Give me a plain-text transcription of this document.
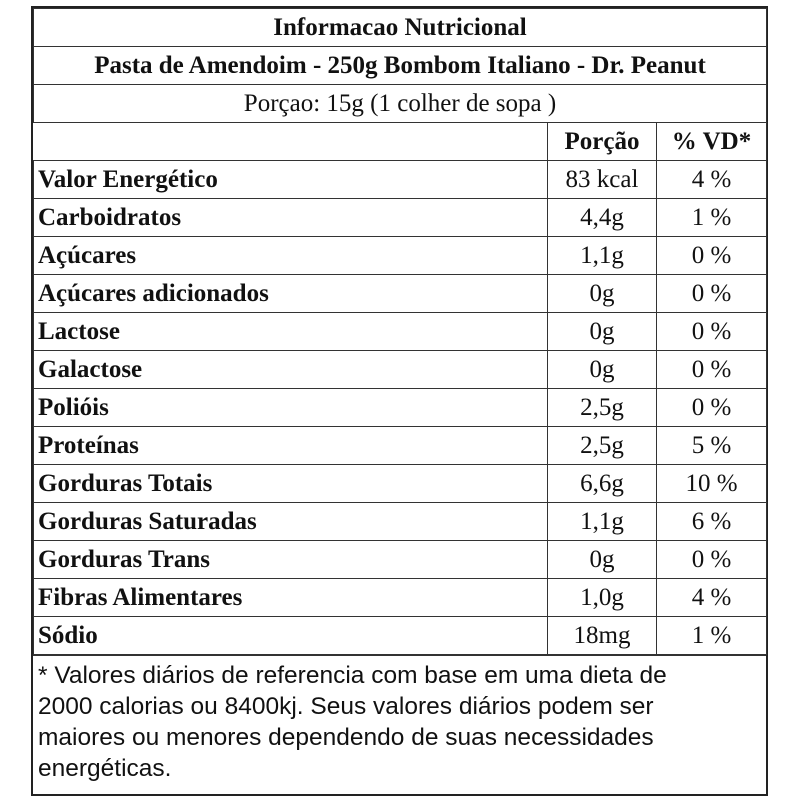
Informacao Nutricional		
Pasta de Amendoim - 250g Bombom Italiano - Dr. Peanut		
Porçao: 15g (1 colher de sopa )		
	Porção	% VD*
Valor Energético	83 kcal	4 %
Carboidratos	4,4g	1 %
Açúcares	1,1g	0 %
Açúcares adicionados	0g	0 %
Lactose	0g	0 %
Galactose	0g	0 %
Polióis	2,5g	0 %
Proteínas	2,5g	5 %
Gorduras Totais	6,6g	10 %
Gorduras Saturadas	1,1g	6 %
Gorduras Trans	0g	0 %
Fibras Alimentares	1,0g	4 %
Sódio	18mg	1 %
* Valores diários de referencia com base em uma dieta de
2000 calorias ou 8400kj. Seus valores diários podem ser
maiores ou menores dependendo de suas necessidades
energéticas.
